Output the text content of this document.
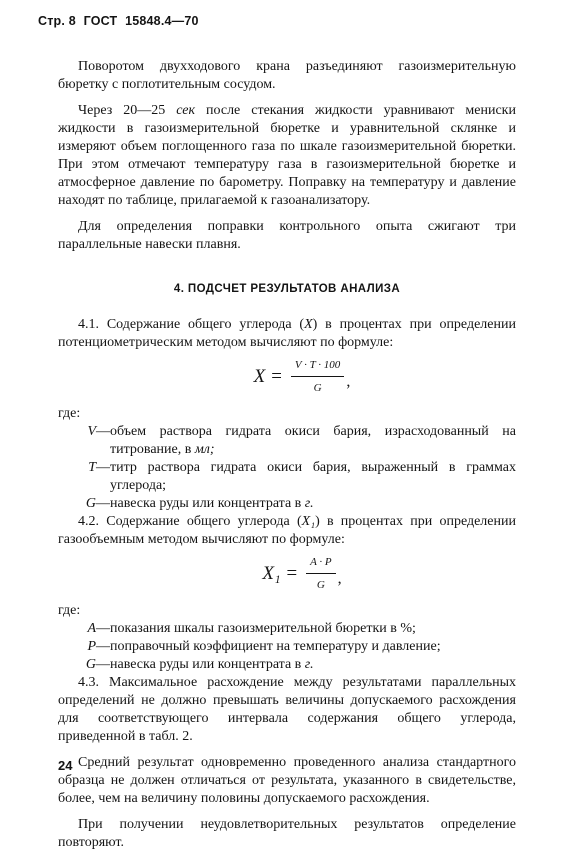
Стр. 8 ГОСТ 15848.4—70

Поворотом двухходового крана разъединяют газоизмерительную бюретку с поглотительным сосудом.

Через 20—25 сек после стекания жидкости уравнивают мениски жидкости в газоизмерительной бюретке и уравнительной склянке и измеряют объем поглощенного газа по шкале газоизмерительной бюретки. При этом отмечают температуру газа в газоизмерительной бюретке и атмосферное давление по барометру. Поправку на температуру и давление находят по таблице, прилагаемой к газоанализатору.

Для определения поправки контрольного опыта сжигают три параллельные навески плавня.

4. ПОДСЧЕТ РЕЗУЛЬТАТОВ АНАЛИЗА

4.1. Содержание общего углерода (X) в процентах при определении потенциометрическим методом вычисляют по формуле:

$X = \frac{V \cdot T \cdot 100}{G}$ ,

где:

V — объем раствора гидрата окиси бария, израсходованный на титрование, в мл;
T — титр раствора гидрата окиси бария, выраженный в граммах углерода;
G — навеска руды или концентрата в г.

4.2. Содержание общего углерода (X₁) в процентах при определении газообъемным методом вычисляют по формуле:

$X_1 = \frac{A \cdot P}{G}$ ,

где:

A — показания шкалы газоизмерительной бюретки в %;
P — поправочный коэффициент на температуру и давление;
G — навеска руды или концентрата в г.

4.3. Максимальное расхождение между результатами параллельных определений не должно превышать величины допускаемого расхождения для соответствующего интервала содержания общего углерода, приведенной в табл. 2.

Средний результат одновременно проведенного анализа стандартного образца не должен отличаться от результата, указанного в свидетельстве, более, чем на величину половины допускаемого расхождения.

При получении неудовлетворительных результатов определение повторяют.

24
